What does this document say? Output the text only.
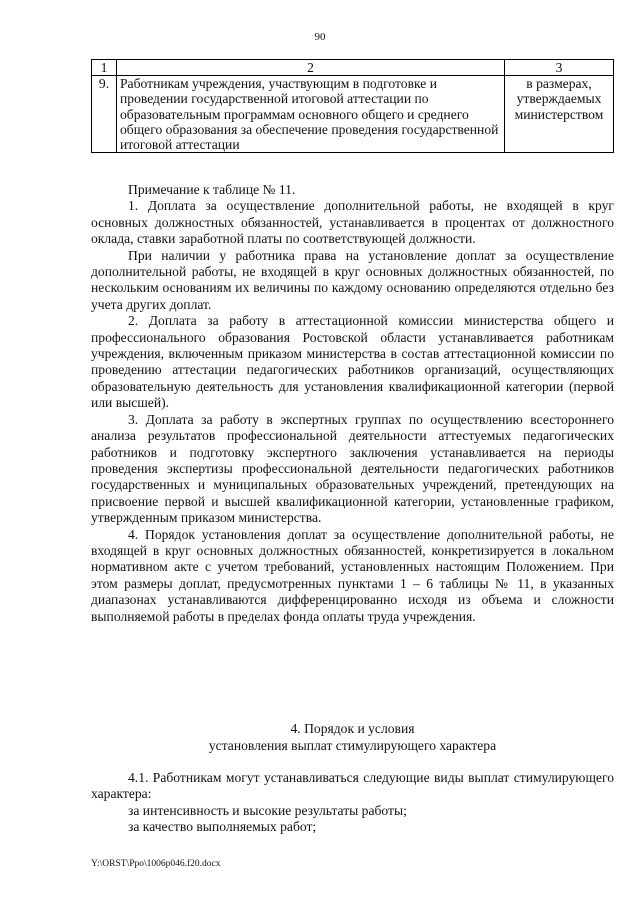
90
1	2	3
9.	Работникам учреждения, участвующим в подготовке и проведении государственной итоговой аттестации по образовательным программам основного общего и среднего общего образования за обеспечение проведения государственной итоговой аттестации	в размерах, утверждаемых министерством

Примечание к таблице № 11.

1. Доплата за осуществление дополнительной работы, не входящей в круг основных должностных обязанностей, устанавливается в процентах от должностного оклада, ставки заработной платы по соответствующей должности.

При наличии у работника права на установление доплат за осуществление дополнительной работы, не входящей в круг основных должностных обязанностей, по нескольким основаниям их величины по каждому основанию определяются отдельно без учета других доплат.

2. Доплата за работу в аттестационной комиссии министерства общего и профессионального образования Ростовской области устанавливается работникам учреждения, включенным приказом министерства в состав аттестационной комиссии по проведению аттестации педагогических работников организаций, осуществляющих образовательную деятельность для установления квалификационной категории (первой или высшей).

3. Доплата за работу в экспертных группах по осуществлению всестороннего анализа результатов профессиональной деятельности аттестуемых педагогических работников и подготовку экспертного заключения устанавливается на периоды проведения экспертизы профессиональной деятельности педагогических работников государственных и муниципальных образовательных учреждений, претендующих на присвоение первой и высшей квалификационной категории, установленные графиком, утвержденным приказом министерства.

4. Порядок установления доплат за осуществление дополнительной работы, не входящей в круг основных должностных обязанностей, конкретизируется в локальном нормативном акте с учетом требований, установленных настоящим Положением. При этом размеры доплат, предусмотренных пунктами 1 – 6 таблицы № 11, в указанных диапазонах устанавливаются дифференцированно исходя из объема и сложности выполняемой работы в пределах фонда оплаты труда учреждения.

4. Порядок и условия
установления выплат стимулирующего характера

4.1. Работникам могут устанавливаться следующие виды выплат стимулирующего характера:

за интенсивность и высокие результаты работы;

за качество выполняемых работ;

Y:\ORST\Ppo\1006p046.f20.docx
